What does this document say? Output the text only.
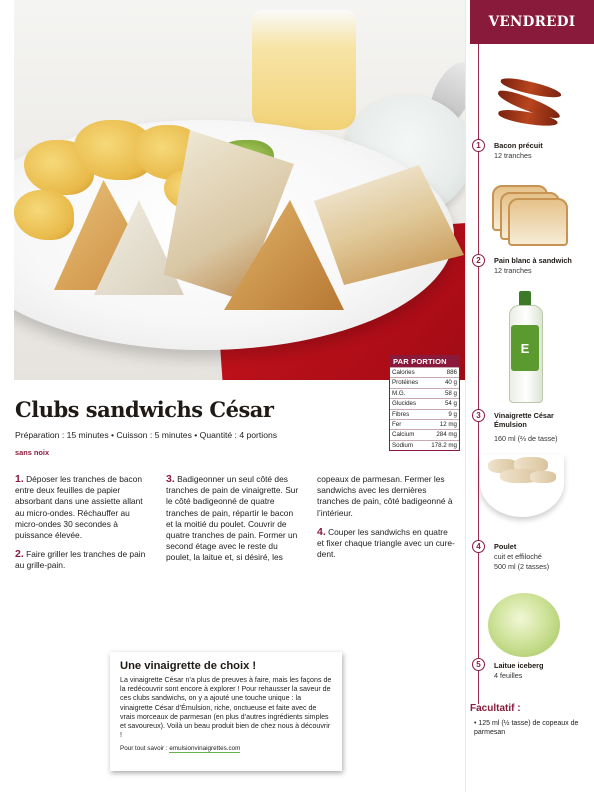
PAR PORTION
Calories	886
Protéines	40 g
M.G.	58 g
Glucides	54 g
Fibres	9 g
Fer	12 mg
Calcium	284 mg
Sodium	178.2 mg
Clubs sandwichs César
Préparation : 15 minutes • Cuisson : 5 minutes • Quantité : 4 portions
sans noix

1. Déposer les tranches de bacon entre deux feuilles de papier absorbant dans une assiette allant au micro-ondes. Réchauffer au micro-ondes 30 secondes à puissance élevée.

2. Faire griller les tranches de pain au grille-pain.

3. Badigeonner un seul côté des tranches de pain de vinaigrette. Sur le côté badigeonné de quatre tranches de pain, répartir le bacon et la moitié du poulet. Couvrir de quatre tranches de pain. Former un second étage avec le reste du poulet, la laitue et, si désiré, les

copeaux de parmesan. Fermer les sandwichs avec les dernières tranches de pain, côté badigeonné à l’intérieur.

4. Couper les sandwichs en quatre et fixer chaque triangle avec un cure-dent.

Une vinaigrette de choix !
La vinaigrette César n’a plus de preuves à faire, mais les façons de la redécouvrir sont encore à explorer ! Pour rehausser la saveur de ces clubs sandwichs, on y a ajouté une touche unique : la vinaigrette César d’Émulsion, riche, onctueuse et faite avec de vrais morceaux de parmesan (en plus d’autres ingrédients simples et savoureux). Voilà un beau produit bien de chez nous à découvrir !
Pour tout savoir : emulsionvinaigrettes.com
VENDREDI
E
1	Bacon précuit
12 tranches
2	Pain blanc à sandwich
12 tranches
3	Vinaigrette César Émulsion
160 ml (⅔ de tasse)
4	Poulet
cuit et effiloché
500 ml (2 tasses)
5	Laitue iceberg
4 feuilles
Facultatif :
• 125 ml (½ tasse) de copeaux de parmesan
